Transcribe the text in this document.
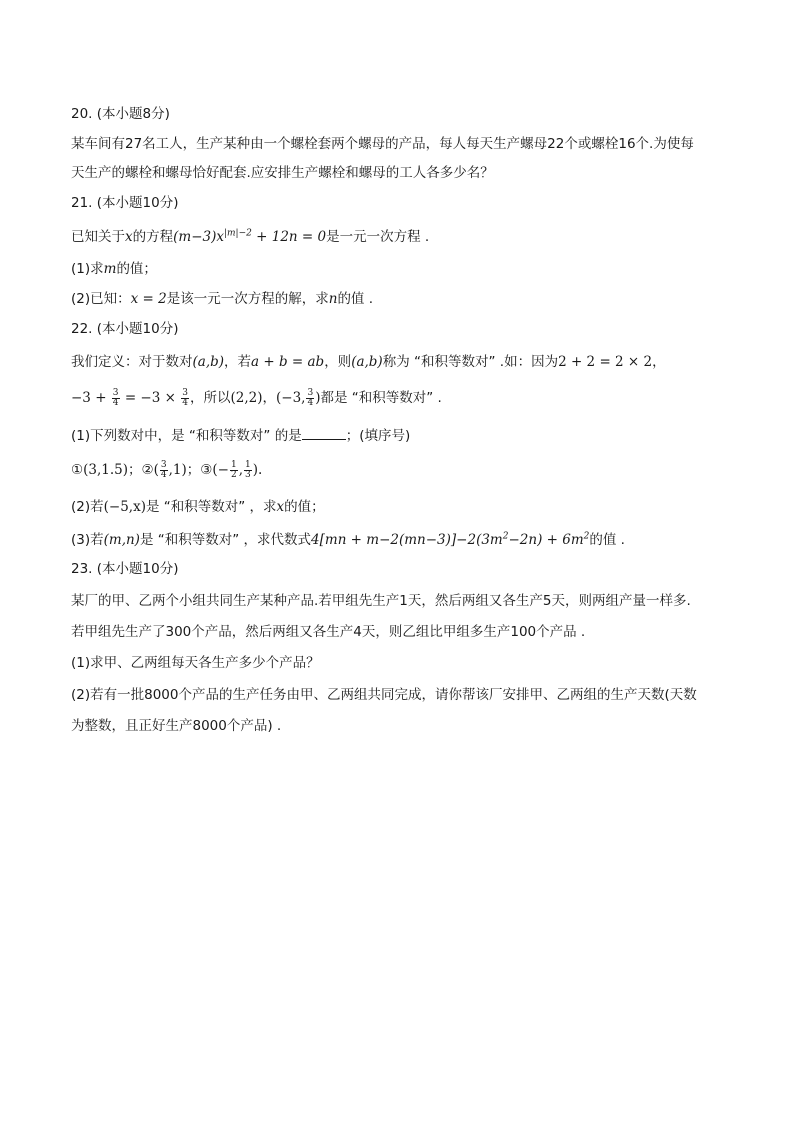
20. (本小题8分)
某车间有27名工人，生产某种由一个螺栓套两个螺母的产品，每人每天生产螺母22个或螺栓16个.为使每
天生产的螺栓和螺母恰好配套.应安排生产螺栓和螺母的工人各多少名？
21. (本小题10分)
已知关于x的方程$(m-3)x^{|m|-2} + 12n = 0$是一元一次方程 .
(1)求m的值；
(2)已知：x = 2是该一元一次方程的解，求n的值 .
22. (本小题10分)
我们定义：对于数对(a,b)，若a + b = ab，则(a,b)称为 “和积等数对” .如：因为2 + 2 = 2 × 2，
$-3 + \frac{3}{4} = -3 \times \frac{3}{4}$ ，所以(2,2)，(−3, $\frac{3}{4}$ )都是 “和积等数对” .
(1)下列数对中，是 “和积等数对” 的是	；(填序号)
①(3,1.5)；②( $\frac{3}{4} ,1$)；③(− $\frac{1}{2}$ , $\frac{1}{3}$ ).
(2)若(−5,x)是 “和积等数对” ，求x的值；
(3)若(m,n)是 “和积等数对” ，求代数式$4[mn + m-2(mn-3)]-2(3m^2-2n) + 6m^2$的值 .
23. (本小题10分)
某厂的甲、乙两个小组共同生产某种产品.若甲组先生产1天，然后两组又各生产5天，则两组产量一样多.
若甲组先生产了300个产品，然后两组又各生产4天，则乙组比甲组多生产100个产品 .
(1)求甲、乙两组每天各生产多少个产品？
(2)若有一批8000个产品的生产任务由甲、乙两组共同完成，请你帮该厂安排甲、乙两组的生产天数(天数
为整数，且正好生产8000个产品) .
